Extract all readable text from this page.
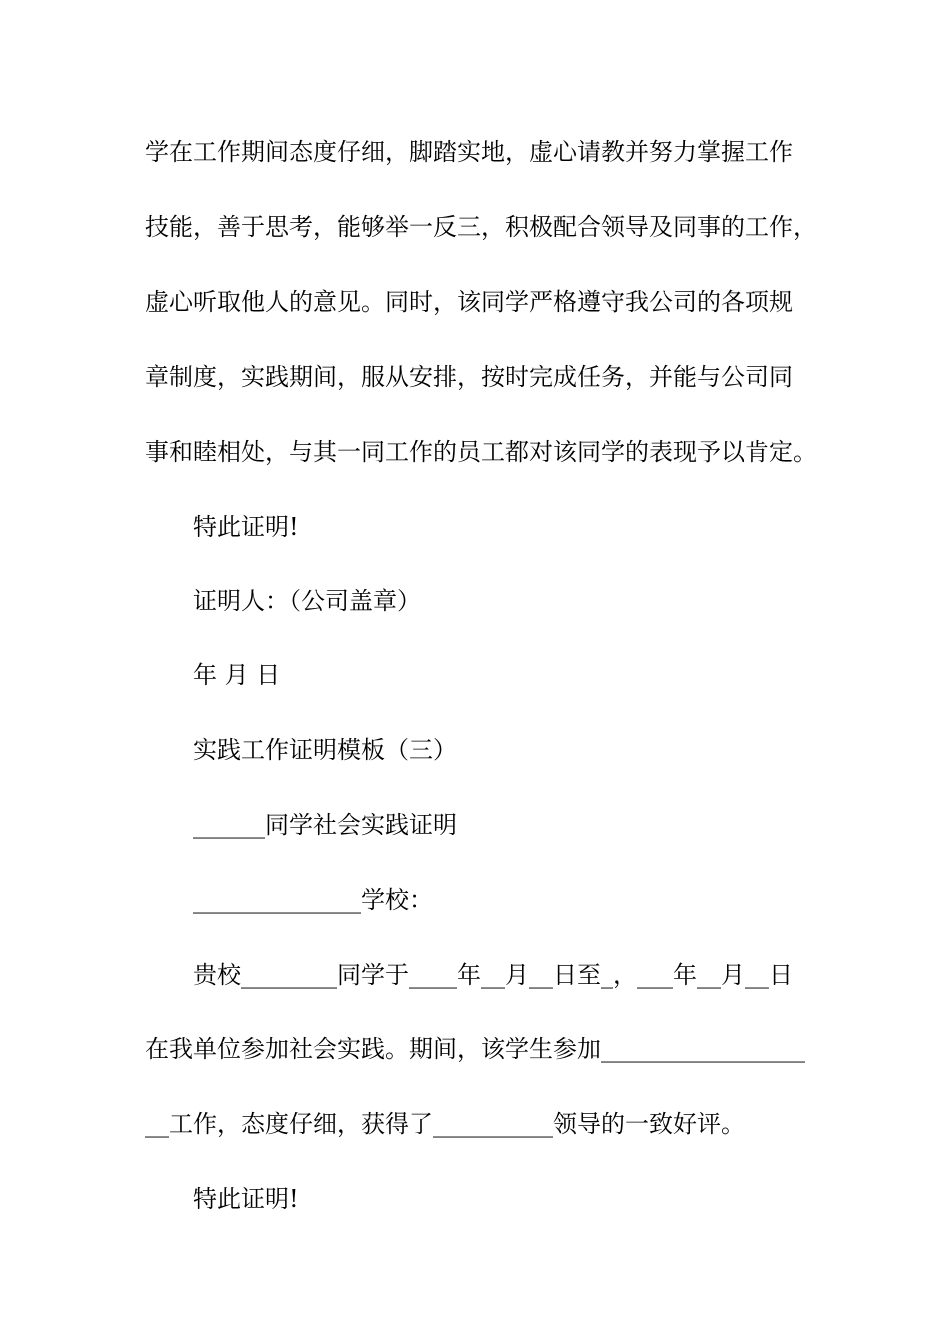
学在工作期间态度仔细，脚踏实地，虚心请教并努力掌握工作
技能，善于思考，能够举一反三，积极配合领导及同事的工作，
虚心听取他人的意见。同时，该同学严格遵守我公司的各项规
章制度，实践期间，服从安排，按时完成任务，并能与公司同
事和睦相处，与其一同工作的员工都对该同学的表现予以肯定。
特此证明!
证明人：（公司盖章）
年 月 日
实践工作证明模板（三）
______同学社会实践证明
______________学校：
贵校________同学于____年__月__日至_，___年__月__日
在我单位参加社会实践。期间，该学生参加_________________
__工作，态度仔细，获得了__________领导的一致好评。
特此证明!
